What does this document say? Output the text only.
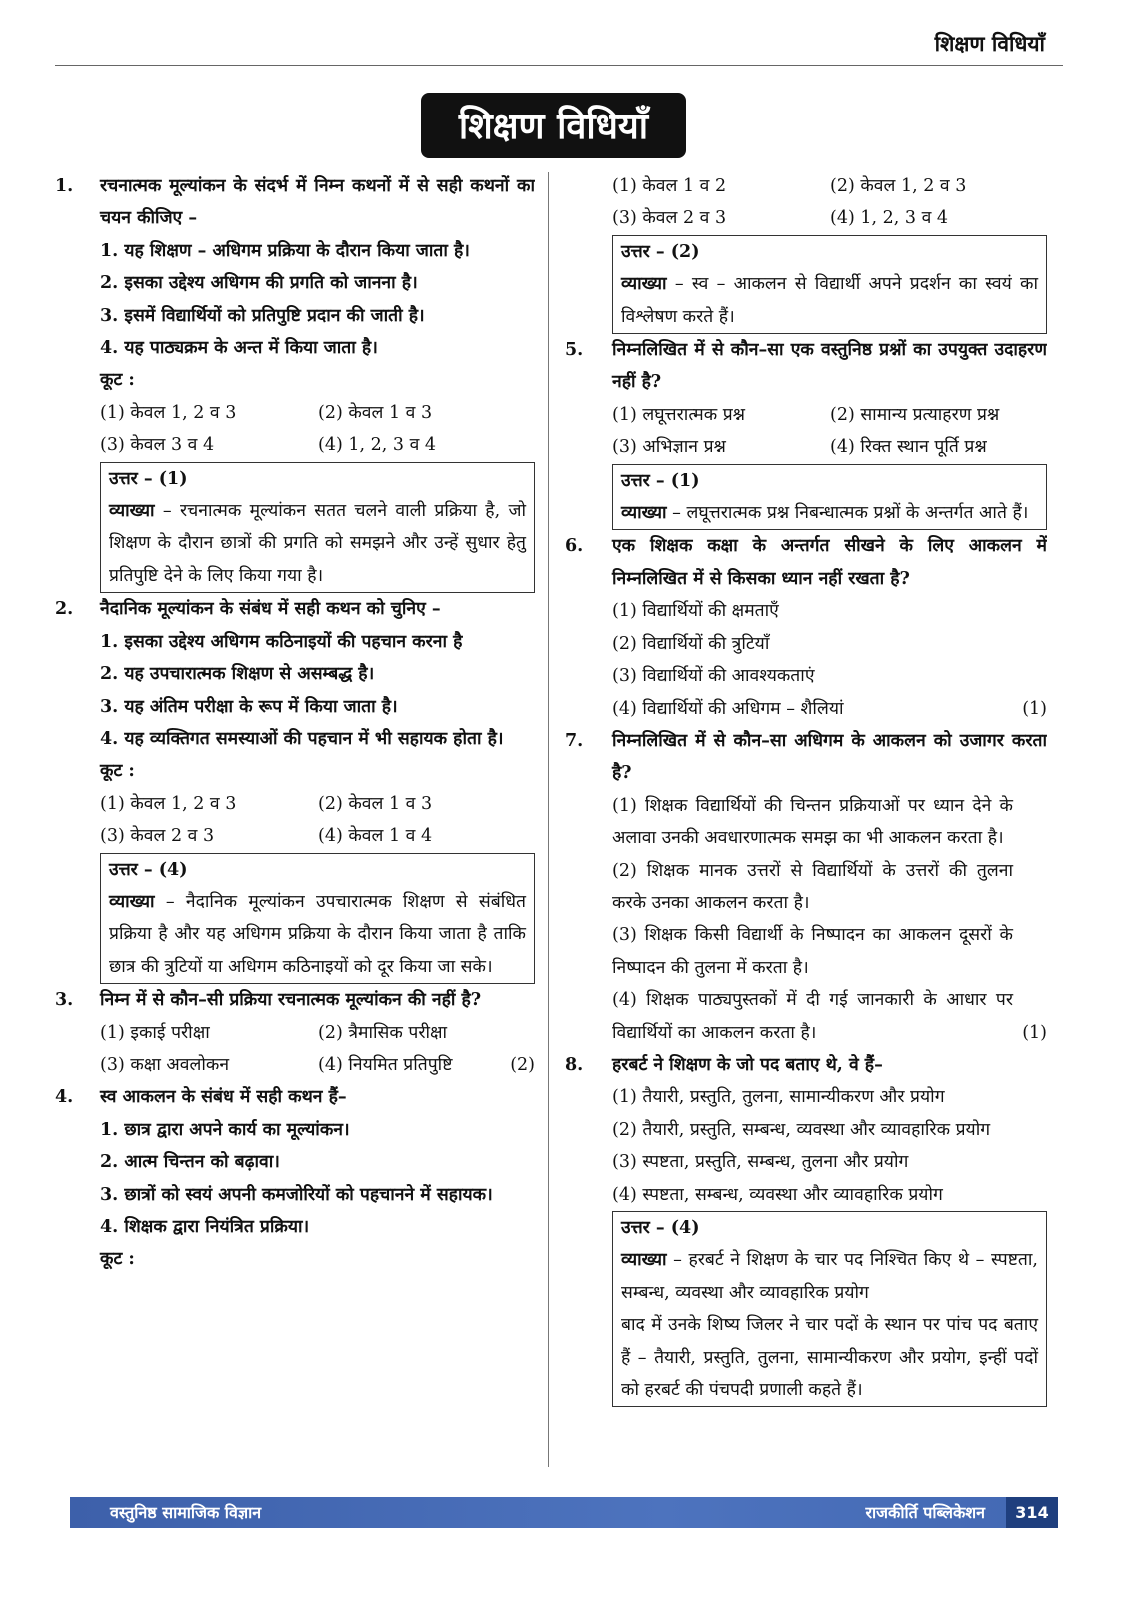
शिक्षण विधियाँ
शिक्षण विधियाँ
1.	रचनात्मक मूल्यांकन के संदर्भ में निम्न कथनों में से सही कथनों का चयन कीजिए –

1. यह शिक्षण – अधिगम प्रक्रिया के दौरान किया जाता है।

2. इसका उद्देश्य अधिगम की प्रगति को जानना है।

3. इसमें विद्यार्थियों को प्रतिपुष्टि प्रदान की जाती है।

4. यह पाठ्यक्रम के अन्त में किया जाता है।

कूट :

(1) केवल 1, 2 व 3	(2) केवल 1 व 3
(3) केवल 3 व 4	(4) 1, 2, 3 व 4

उत्तर – (1)

व्याख्या – रचनात्मक मूल्यांकन सतत चलने वाली प्रक्रिया है, जो शिक्षण के दौरान छात्रों की प्रगति को समझने और उन्हें सुधार हेतु प्रतिपुष्टि देने के लिए किया गया है।

2.	नैदानिक मूल्यांकन के संबंध में सही कथन को चुनिए –

1. इसका उद्देश्य अधिगम कठिनाइयों की पहचान करना है

2. यह उपचारात्मक शिक्षण से असम्बद्ध है।

3. यह अंतिम परीक्षा के रूप में किया जाता है।

4. यह व्यक्तिगत समस्याओं की पहचान में भी सहायक होता है।

कूट :

(1) केवल 1, 2 व 3	(2) केवल 1 व 3
(3) केवल 2 व 3	(4) केवल 1 व 4

उत्तर – (4)

व्याख्या – नैदानिक मूल्यांकन उपचारात्मक शिक्षण से संबंधित प्रक्रिया है और यह अधिगम प्रक्रिया के दौरान किया जाता है ताकि छात्र की त्रुटियों या अधिगम कठिनाइयों को दूर किया जा सके।

3.	निम्न में से कौन–सी प्रक्रिया रचनात्मक मूल्यांकन की नहीं है?

(1) इकाई परीक्षा	(2) त्रैमासिक परीक्षा
(3) कक्षा अवलोकन	(4) नियमित प्रतिपुष्टि	(2)
4.	स्व आकलन के संबंध में सही कथन हैं–

1. छात्र द्वारा अपने कार्य का मूल्यांकन।

2. आत्म चिन्तन को बढ़ावा।

3. छात्रों को स्वयं अपनी कमजोरियों को पहचानने में सहायक।

4. शिक्षक द्वारा नियंत्रित प्रक्रिया।

कूट :

(1) केवल 1 व 2	(2) केवल 1, 2 व 3
(3) केवल 2 व 3	(4) 1, 2, 3 व 4

उत्तर – (2)

व्याख्या – स्व – आकलन से विद्यार्थी अपने प्रदर्शन का स्वयं का विश्लेषण करते हैं।

5.	निम्नलिखित में से कौन–सा एक वस्तुनिष्ठ प्रश्नों का उपयुक्त उदाहरण नहीं है?

(1) लघूत्तरात्मक प्रश्न	(2) सामान्य प्रत्याहरण प्रश्न
(3) अभिज्ञान प्रश्न	(4) रिक्त स्थान पूर्ति प्रश्न

उत्तर – (1)

व्याख्या – लघूत्तरात्मक प्रश्न निबन्धात्मक प्रश्नों के अन्तर्गत आते हैं।

6.	एक शिक्षक कक्षा के अन्तर्गत सीखने के लिए आकलन में निम्नलिखित में से किसका ध्यान नहीं रखता है?

(1) विद्यार्थियों की क्षमताएँ

(2) विद्यार्थियों की त्रुटियाँ

(3) विद्यार्थियों की आवश्यकताएं

(4) विद्यार्थियों की अधिगम – शैलियां	(1)

7.	निम्नलिखित में से कौन–सा अधिगम के आकलन को उजागर करता है?

(1) शिक्षक विद्यार्थियों की चिन्तन प्रक्रियाओं पर ध्यान देने के अलावा उनकी अवधारणात्मक समझ का भी आकलन करता है।

(2) शिक्षक मानक उत्तरों से विद्यार्थियों के उत्तरों की तुलना करके उनका आकलन करता है।

(3) शिक्षक किसी विद्यार्थी के निष्पादन का आकलन दूसरों के निष्पादन की तुलना में करता है।

(4) शिक्षक पाठ्यपुस्तकों में दी गई जानकारी के आधार पर विद्यार्थियों का आकलन करता है।	(1)

8.	हरबर्ट ने शिक्षण के जो पद बताए थे, वे हैं–

(1) तैयारी, प्रस्तुति, तुलना, सामान्यीकरण और प्रयोग

(2) तैयारी, प्रस्तुति, सम्बन्ध, व्यवस्था और व्यावहारिक प्रयोग

(3) स्पष्टता, प्रस्तुति, सम्बन्ध, तुलना और प्रयोग

(4) स्पष्टता, सम्बन्ध, व्यवस्था और व्यावहारिक प्रयोग

उत्तर – (4)

व्याख्या – हरबर्ट ने शिक्षण के चार पद निश्चित किए थे – स्पष्टता, सम्बन्ध, व्यवस्था और व्यावहारिक प्रयोग

बाद में उनके शिष्य जिलर ने चार पदों के स्थान पर पांच पद बताए हैं – तैयारी, प्रस्तुति, तुलना, सामान्यीकरण और प्रयोग, इन्हीं पदों को हरबर्ट की पंचपदी प्रणाली कहते हैं।

वस्तुनिष्ठ सामाजिक विज्ञान	राजकीर्ति पब्लिकेशन	314
